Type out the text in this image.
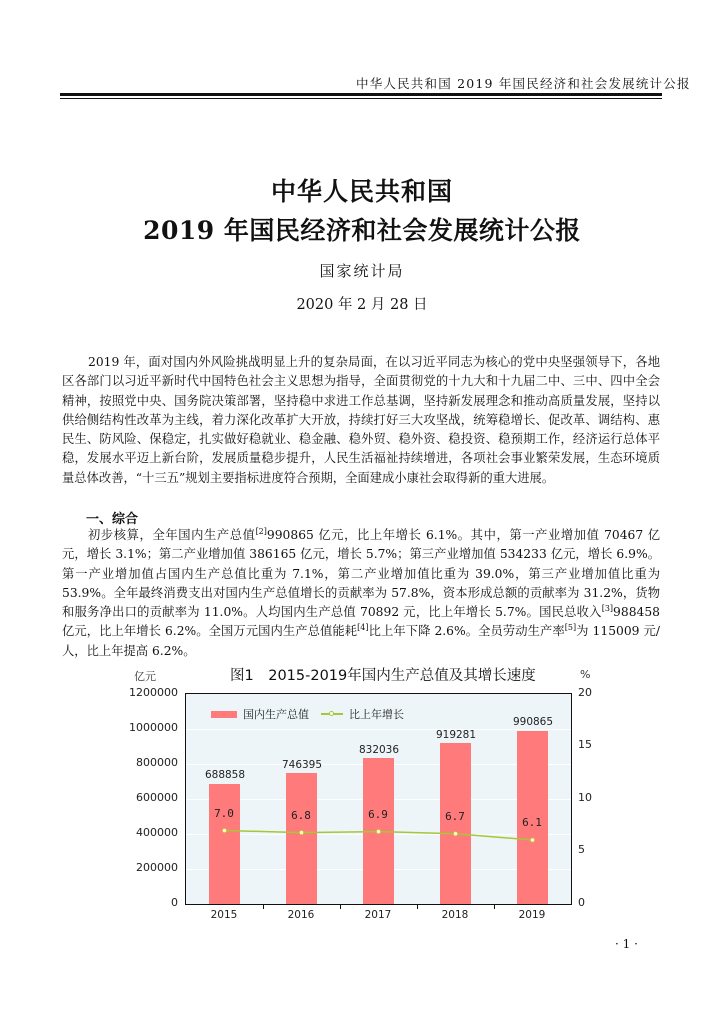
中华人民共和国 2019 年国民经济和社会发展统计公报
中华人民共和国
2019 年国民经济和社会发展统计公报
国家统计局
2020 年 2 月 28 日
2019 年，面对国内外风险挑战明显上升的复杂局面，在以习近平同志为核心的党中央坚强领导下，各地区各部门以习近平新时代中国特色社会主义思想为指导，全面贯彻党的十九大和十九届二中、三中、四中全会精神，按照党中央、国务院决策部署，坚持稳中求进工作总基调，坚持新发展理念和推动高质量发展，坚持以供给侧结构性改革为主线，着力深化改革扩大开放，持续打好三大攻坚战，统筹稳增长、促改革、调结构、惠民生、防风险、保稳定，扎实做好稳就业、稳金融、稳外贸、稳外资、稳投资、稳预期工作，经济运行总体平稳，发展水平迈上新台阶，发展质量稳步提升，人民生活福祉持续增进，各项社会事业繁荣发展，生态环境质量总体改善，“十三五”规划主要指标进度符合预期，全面建成小康社会取得新的重大进展。
一、综合
初步核算，全年国内生产总值[2]990865 亿元，比上年增长 6.1%。其中，第一产业增加值 70467 亿元，增长 3.1%；第二产业增加值 386165 亿元，增长 5.7%；第三产业增加值 534233 亿元，增长 6.9%。第一产业增加值占国内生产总值比重为 7.1%，第二产业增加值比重为 39.0%，第三产业增加值比重为 53.9%。全年最终消费支出对国内生产总值增长的贡献率为 57.8%，资本形成总额的贡献率为 31.2%，货物和服务净出口的贡献率为 11.0%。人均国内生产总值 70892 元，比上年增长 5.7%。国民总收入[3]988458 亿元，比上年增长 6.2%。全国万元国内生产总值能耗[4]比上年下降 2.6%。全员劳动生产率[5]为 115009 元/人，比上年提高 6.2%。
图1　2015-2019年国内生产总值及其增长速度
亿元	%
1200000
1000000
800000
600000
400000
200000
0
20
15
10
5
0
国内生产总值	比上年增长
688858
746395
832036
919281
990865
7.0	6.8	6.9	6.7	6.1
2015	2016	2017	2018	2019
· 1 ·
